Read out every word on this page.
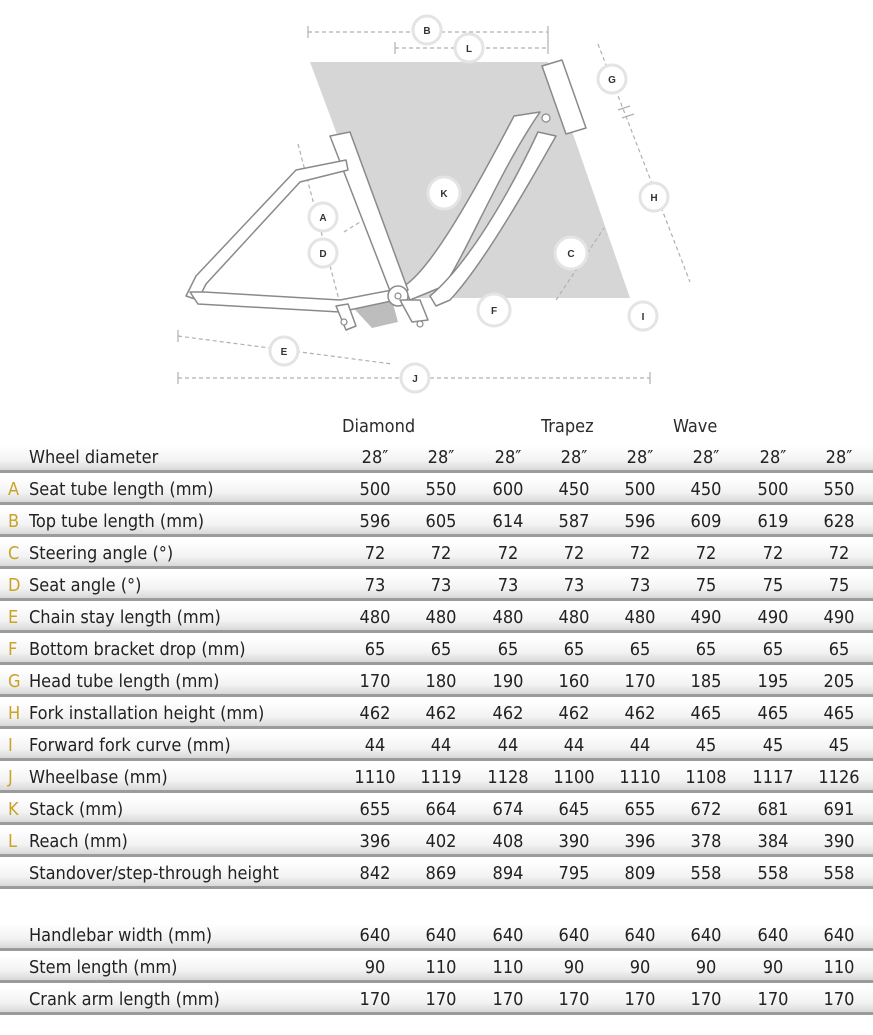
B
L
G
K	H
A
D	C
F
I
E
J
Diamond	Trapez	Wave
Wheel diameter	28″	28″	28″	28″	28″	28″	28″	28″
A Seat tube length (mm)	500	550	600	450	500	450	500	550
B Top tube length (mm)	596	605	614	587	596	609	619	628
C Steering angle (°)	72	72	72	72	72	72	72	72
D Seat angle (°)	73	73	73	73	73	75	75	75
E Chain stay length (mm)	480	480	480	480	480	490	490	490
F Bottom bracket drop (mm)	65	65	65	65	65	65	65	65
G Head tube length (mm)	170	180	190	160	170	185	195	205
H Fork installation height (mm)	462	462	462	462	462	465	465	465
I Forward fork curve (mm)	44	44	44	44	44	45	45	45
J Wheelbase (mm)	1110	1119	1128	1100	1110	1108	1117	1126
K Stack (mm)	655	664	674	645	655	672	681	691
L Reach (mm)	396	402	408	390	396	378	384	390
Standover/step-through height	842	869	894	795	809	558	558	558
Handlebar width (mm)	640	640	640	640	640	640	640	640
Stem length (mm)	90	110	110	90	90	90	90	110
Crank arm length (mm)	170	170	170	170	170	170	170	170
